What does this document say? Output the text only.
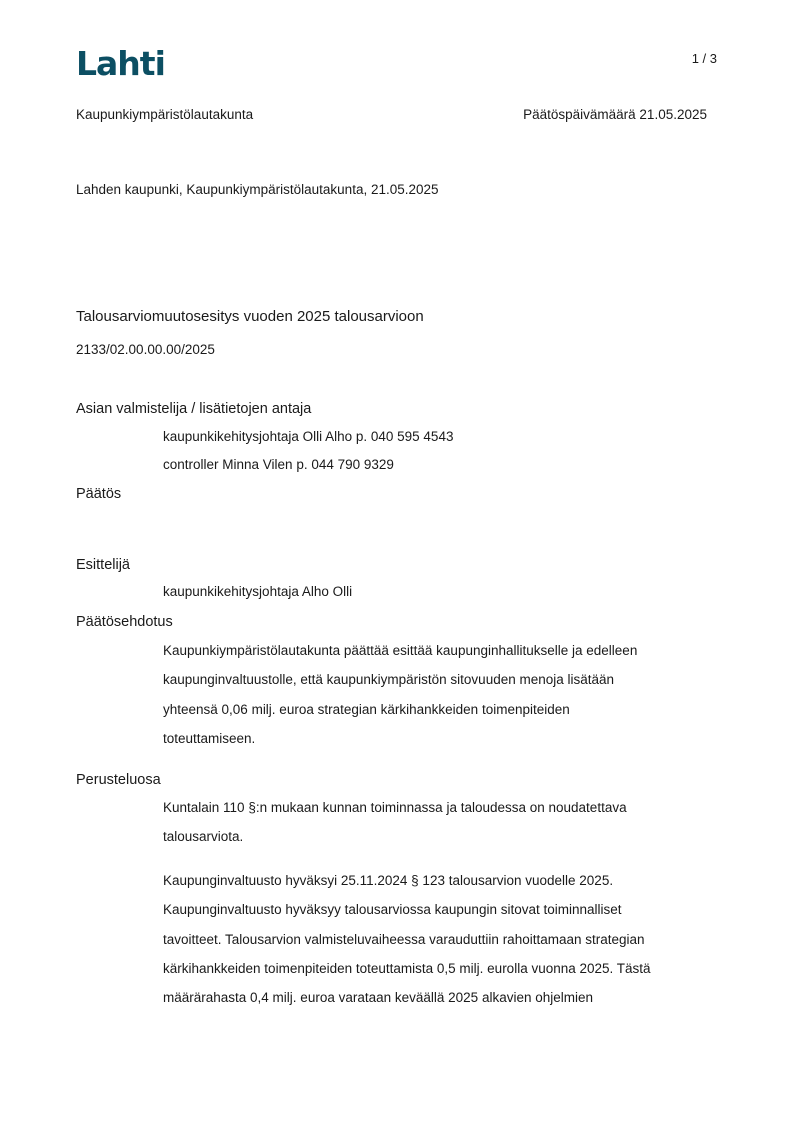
Lahti	1 / 3
Kaupunkiympäristölautakunta	Päätöspäivämäärä 21.05.2025
Lahden kaupunki, Kaupunkiympäristölautakunta, 21.05.2025
Talousarviomuutosesitys vuoden 2025 talousarvioon
2133/02.00.00.00/2025
Asian valmistelija / lisätietojen antaja
kaupunkikehitysjohtaja Olli Alho p. 040 595 4543
controller Minna Vilen p. 044 790 9329
Päätös
Esittelijä
kaupunkikehitysjohtaja Alho Olli
Päätösehdotus
Kaupunkiympäristölautakunta päättää esittää kaupunginhallitukselle ja edelleen
kaupunginvaltuustolle, että kaupunkiympäristön sitovuuden menoja lisätään
yhteensä 0,06 milj. euroa strategian kärkihankkeiden toimenpiteiden
toteuttamiseen.
Perusteluosa
Kuntalain 110 §:n mukaan kunnan toiminnassa ja taloudessa on noudatettava
talousarviota.
Kaupunginvaltuusto hyväksyi 25.11.2024 § 123 talousarvion vuodelle 2025.
Kaupunginvaltuusto hyväksyy talousarviossa kaupungin sitovat toiminnalliset
tavoitteet. Talousarvion valmisteluvaiheessa varauduttiin rahoittamaan strategian
kärkihankkeiden toimenpiteiden toteuttamista 0,5 milj. eurolla vuonna 2025. Tästä
määrärahasta 0,4 milj. euroa varataan keväällä 2025 alkavien ohjelmien
